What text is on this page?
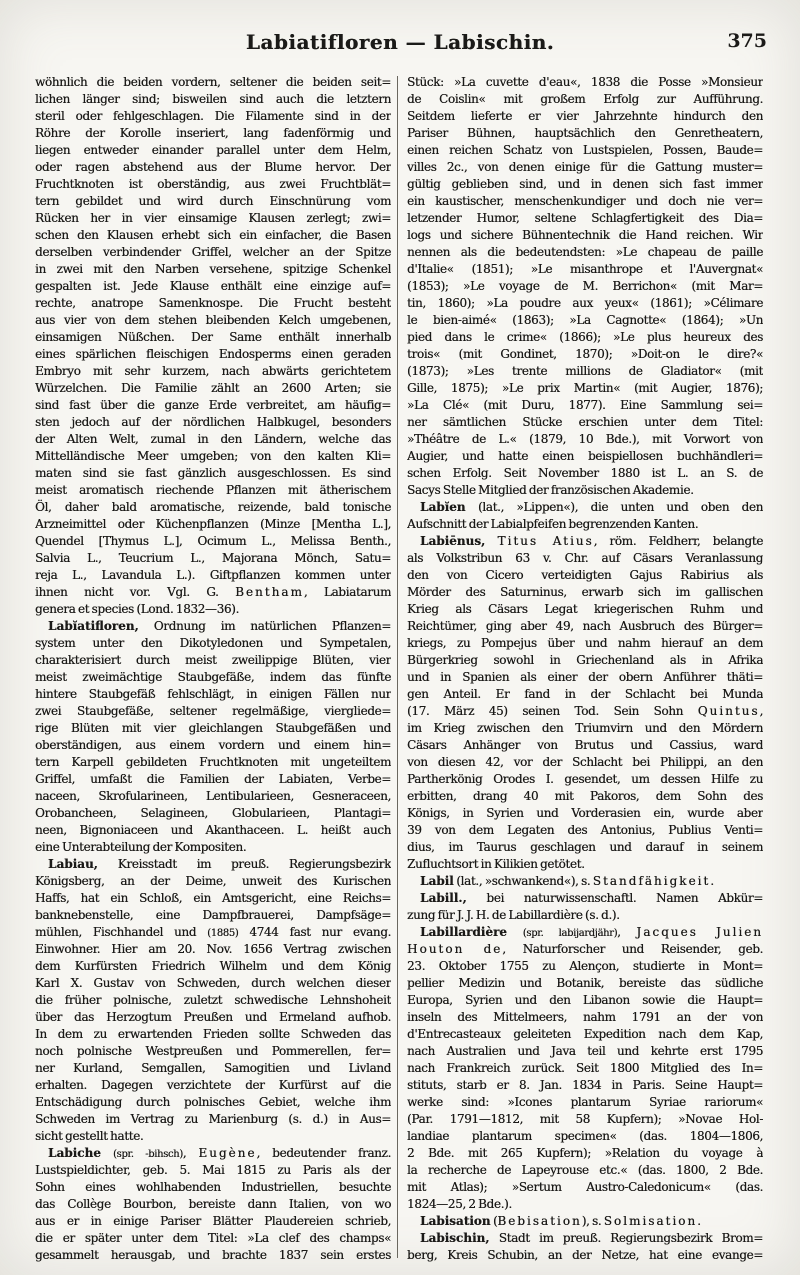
Labiatifloren — Labischin.	375
wöhnlich die beiden vordern, seltener die beiden seit=
lichen länger sind; bisweilen sind auch die letztern
steril oder fehlgeschlagen. Die Filamente sind in der
Röhre der Korolle inseriert, lang fadenförmig und
liegen entweder einander parallel unter dem Helm,
oder ragen abstehend aus der Blume hervor. Der
Fruchtknoten ist oberständig, aus zwei Fruchtblät=
tern gebildet und wird durch Einschnürung vom
Rücken her in vier einsamige Klausen zerlegt; zwi=
schen den Klausen erhebt sich ein einfacher, die Basen
derselben verbindender Griffel, welcher an der Spitze
in zwei mit den Narben versehene, spitzige Schenkel
gespalten ist. Jede Klause enthält eine einzige auf=
rechte, anatrope Samenknospe. Die Frucht besteht
aus vier von dem stehen bleibenden Kelch umgebenen,
einsamigen Nüßchen. Der Same enthält innerhalb
eines spärlichen fleischigen Endosperms einen geraden
Embryo mit sehr kurzem, nach abwärts gerichtetem
Würzelchen. Die Familie zählt an 2600 Arten; sie
sind fast über die ganze Erde verbreitet, am häufig=
sten jedoch auf der nördlichen Halbkugel, besonders
der Alten Welt, zumal in den Ländern, welche das
Mittelländische Meer umgeben; von den kalten Kli=
maten sind sie fast gänzlich ausgeschlossen. Es sind
meist aromatisch riechende Pflanzen mit ätherischem
Öl, daher bald aromatische, reizende, bald tonische
Arzneimittel oder Küchenpflanzen (Minze [Mentha L.],
Quendel [Thymus L.], Ocimum L., Melissa Benth.,
Salvia L., Teucrium L., Majorana Mönch, Satu=
reja L., Lavandula L.). Giftpflanzen kommen unter
ihnen nicht vor. Vgl. G. Bentham, Labiatarum
genera et species (Lond. 1832—36).
Labĭatifloren, Ordnung im natürlichen Pflanzen=
system unter den Dikotyledonen und Sympetalen,
charakterisiert durch meist zweilippige Blüten, vier
meist zweimächtige Staubgefäße, indem das fünfte
hintere Staubgefäß fehlschlägt, in einigen Fällen nur
zwei Staubgefäße, seltener regelmäßige, viergliede=
rige Blüten mit vier gleichlangen Staubgefäßen und
oberständigen, aus einem vordern und einem hin=
tern Karpell gebildeten Fruchtknoten mit ungeteiltem
Griffel, umfaßt die Familien der Labiaten, Verbe=
naceen, Skrofularineen, Lentibularieen, Gesneraceen,
Orobancheen, Selagineen, Globularieen, Plantagi=
neen, Bignoniaceen und Akanthaceen. L. heißt auch
eine Unterabteilung der Kompositen.
Labiau, Kreisstadt im preuß. Regierungsbezirk
Königsberg, an der Deime, unweit des Kurischen
Haffs, hat ein Schloß, ein Amtsgericht, eine Reichs=
banknebenstelle, eine Dampfbrauerei, Dampfsäge=
mühlen, Fischhandel und (1885) 4744 fast nur evang.
Einwohner. Hier am 20. Nov. 1656 Vertrag zwischen
dem Kurfürsten Friedrich Wilhelm und dem König
Karl X. Gustav von Schweden, durch welchen dieser
die früher polnische, zuletzt schwedische Lehnshoheit
über das Herzogtum Preußen und Ermeland aufhob.
In dem zu erwartenden Frieden sollte Schweden das
noch polnische Westpreußen und Pommerellen, fer=
ner Kurland, Semgallen, Samogitien und Livland
erhalten. Dagegen verzichtete der Kurfürst auf die
Entschädigung durch polnisches Gebiet, welche ihm
Schweden im Vertrag zu Marienburg (s. d.) in Aus=
sicht gestellt hatte.
Labiche (spr. -bihsch), Eugène, bedeutender franz.
Lustspieldichter, geb. 5. Mai 1815 zu Paris als der
Sohn eines wohlhabenden Industriellen, besuchte
das Collège Bourbon, bereiste dann Italien, von wo
aus er in einige Pariser Blätter Plaudereien schrieb,
die er später unter dem Titel: »La clef des champs«
gesammelt herausgab, und brachte 1837 sein erstes
Stück: »La cuvette d'eau«, 1838 die Posse »Monsieur
de Coislin« mit großem Erfolg zur Aufführung.
Seitdem lieferte er vier Jahrzehnte hindurch den
Pariser Bühnen, hauptsächlich den Genretheatern,
einen reichen Schatz von Lustspielen, Possen, Baude=
villes 2c., von denen einige für die Gattung muster=
gültig geblieben sind, und in denen sich fast immer
ein kaustischer, menschenkundiger und doch nie ver=
letzender Humor, seltene Schlagfertigkeit des Dia=
logs und sichere Bühnentechnik die Hand reichen. Wir
nennen als die bedeutendsten: »Le chapeau de paille
d'Italie« (1851); »Le misanthrope et l'Auvergnat«
(1853); »Le voyage de M. Berrichon« (mit Mar=
tin, 1860); »La poudre aux yeux« (1861); »Célimare
le bien-aimé« (1863); »La Cagnotte« (1864); »Un
pied dans le crime« (1866); »Le plus heureux des
trois« (mit Gondinet, 1870); »Doit-on le dire?«
(1873); »Les trente millions de Gladiator« (mit
Gille, 1875); »Le prix Martin« (mit Augier, 1876);
»La Clé« (mit Duru, 1877). Eine Sammlung sei=
ner sämtlichen Stücke erschien unter dem Titel:
»Théâtre de L.« (1879, 10 Bde.), mit Vorwort von
Augier, und hatte einen beispiellosen buchhändleri=
schen Erfolg. Seit November 1880 ist L. an S. de
Sacys Stelle Mitglied der französischen Akademie.
Labĭen (lat., »Lippen«), die unten und oben den
Aufschnitt der Labialpfeifen begrenzenden Kanten.
Labiēnus, Titus Atius, röm. Feldherr, belangte
als Volkstribun 63 v. Chr. auf Cäsars Veranlassung
den von Cicero verteidigten Gajus Rabirius als
Mörder des Saturninus, erwarb sich im gallischen
Krieg als Cäsars Legat kriegerischen Ruhm und
Reichtümer, ging aber 49, nach Ausbruch des Bürger=
kriegs, zu Pompejus über und nahm hierauf an dem
Bürgerkrieg sowohl in Griechenland als in Afrika
und in Spanien als einer der obern Anführer thäti=
gen Anteil. Er fand in der Schlacht bei Munda
(17. März 45) seinen Tod. Sein Sohn Quintus,
im Krieg zwischen den Triumvirn und den Mördern
Cäsars Anhänger von Brutus und Cassius, ward
von diesen 42, vor der Schlacht bei Philippi, an den
Partherkönig Orodes I. gesendet, um dessen Hilfe zu
erbitten, drang 40 mit Pakoros, dem Sohn des
Königs, in Syrien und Vorderasien ein, wurde aber
39 von dem Legaten des Antonius, Publius Venti=
dius, im Taurus geschlagen und darauf in seinem
Zufluchtsort in Kilikien getötet.
Labil (lat., »schwankend«), s. Standfähigkeit.
Labill., bei naturwissenschaftl. Namen Abkür=
zung für J. J. H. de Labillardière (s. d.).
Labillardière (spr. labijardjähr), Jacques Julien
Houton de, Naturforscher und Reisender, geb.
23. Oktober 1755 zu Alençon, studierte in Mont=
pellier Medizin und Botanik, bereiste das südliche
Europa, Syrien und den Libanon sowie die Haupt=
inseln des Mittelmeers, nahm 1791 an der von
d'Entrecasteaux geleiteten Expedition nach dem Kap,
nach Australien und Java teil und kehrte erst 1795
nach Frankreich zurück. Seit 1800 Mitglied des In=
stituts, starb er 8. Jan. 1834 in Paris. Seine Haupt=
werke sind: »Icones plantarum Syriae rariorum«
(Par. 1791—1812, mit 58 Kupfern); »Novae Hol-
landiae plantarum specimen« (das. 1804—1806,
2 Bde. mit 265 Kupfern); »Relation du voyage à
la recherche de Lapeyrouse etc.« (das. 1800, 2 Bde.
mit Atlas); »Sertum Austro-Caledonicum« (das.
1824—25, 2 Bde.).
Labisation (Bebisation), s. Solmisation.
Labischin, Stadt im preuß. Regierungsbezirk Brom=
berg, Kreis Schubin, an der Netze, hat eine evange=
